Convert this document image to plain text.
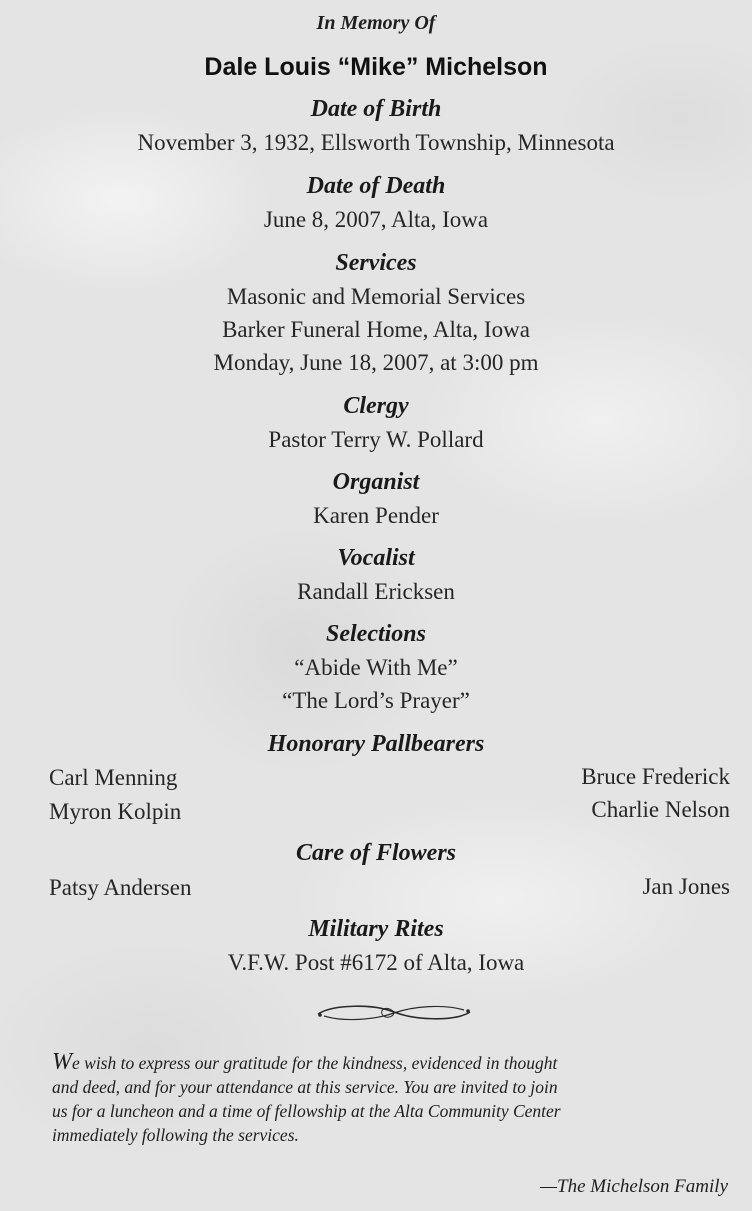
In Memory Of
Dale Louis “Mike” Michelson
Date of Birth
November 3, 1932, Ellsworth Township, Minnesota
Date of Death
June 8, 2007, Alta, Iowa
Services
Masonic and Memorial Services
Barker Funeral Home, Alta, Iowa
Monday, June 18, 2007, at 3:00 pm
Clergy
Pastor Terry W. Pollard
Organist
Karen Pender
Vocalist
Randall Ericksen
Selections
“Abide With Me”
“The Lord’s Prayer”
Honorary Pallbearers
Carl Menning
Myron Kolpin
Bruce Frederick
Charlie Nelson
Care of Flowers
Patsy Andersen	Jan Jones
Military Rites
V.F.W. Post #6172 of Alta, Iowa
We wish to express our gratitude for the kindness, evidenced in thought
and deed, and for your attendance at this service. You are invited to join
us for a luncheon and a time of fellowship at the Alta Community Center
immediately following the services.
—The Michelson Family
